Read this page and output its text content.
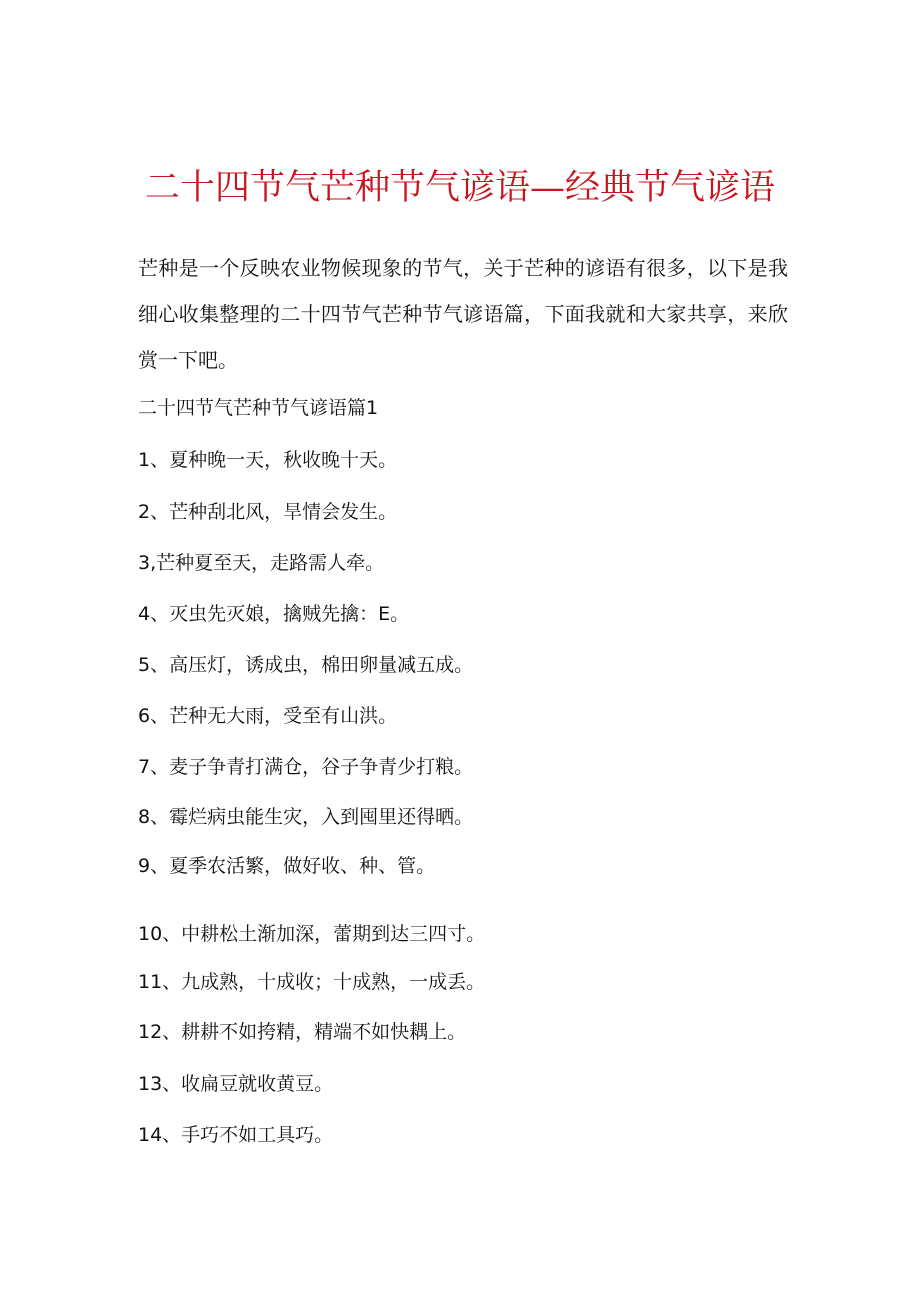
二十四节气芒种节气谚语—经典节气谚语

芒种是一个反映农业物候现象的节气，关于芒种的谚语有很多，以下是我细心收集整理的二十四节气芒种节气谚语篇，下面我就和大家共享，来欣赏一下吧。

二十四节气芒种节气谚语篇1

1、夏种晚一天，秋收晚十天。
2、芒种刮北风，旱情会发生。
3,芒种夏至天，走路需人牵。
4、灭虫先灭娘，擒贼先擒：E。
5、高压灯，诱成虫，棉田卵量减五成。
6、芒种无大雨，受至有山洪。
7、麦子争青打满仓，谷子争青少打粮。
8、霉烂病虫能生灾，入到囤里还得晒。
9、夏季农活繁，做好收、种、管。
10、中耕松土渐加深，蕾期到达三四寸。
11、九成熟，十成收；十成熟，一成丢。
12、耕耕不如挎精，精端不如快耦上。
13、收扁豆就收黄豆。
14、手巧不如工具巧。
